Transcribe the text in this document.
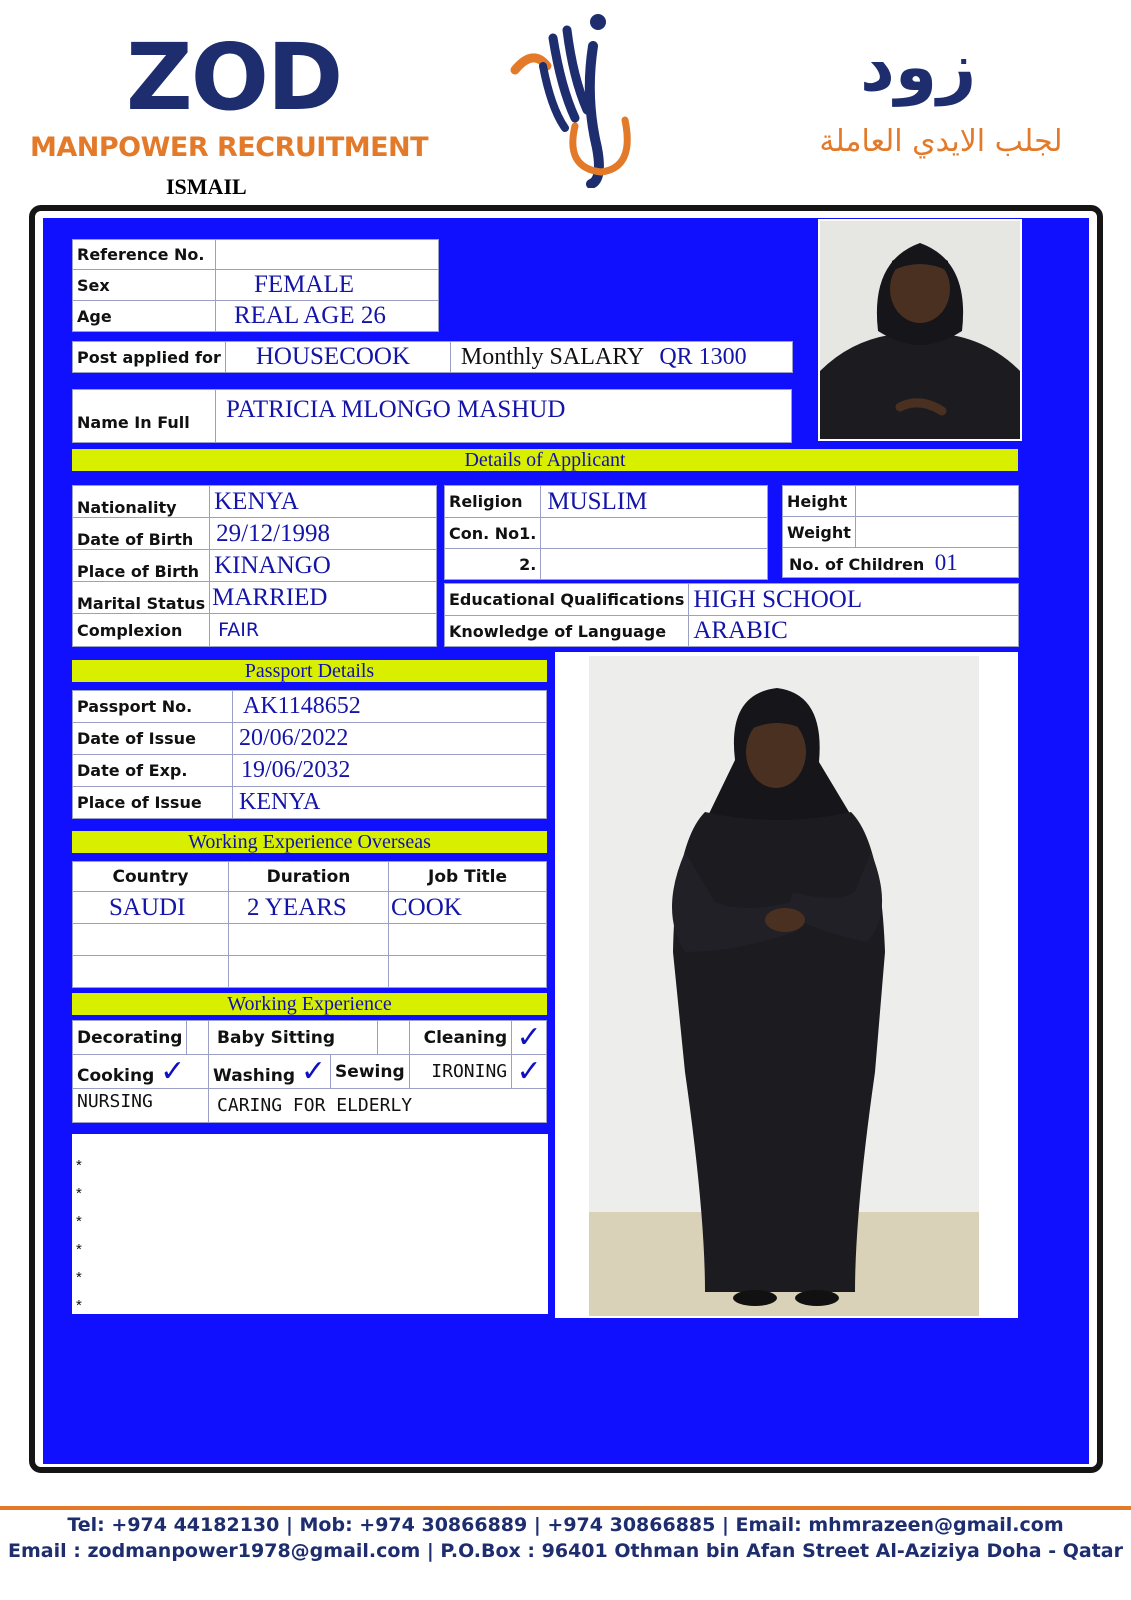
ZOD
MANPOWER RECRUITMENT
ISMAIL
زود
لجلب الايدي العاملة
Reference No.	
Sex	FEMALE
Age	REAL AGE 26
Post applied for	HOUSECOOK	Monthly SALARY QR 1300
Name In Full	PATRICIA MLONGO MASHUD
Details of Applicant
Nationality	KENYA
Date of Birth	29/12/1998
Place of Birth	KINANGO
Marital Status	MARRIED
Complexion	FAIR
Religion	MUSLIM
Con. No1.	
2.	
Height	
Weight	
No. of Children 01	
Educational Qualifications	HIGH SCHOOL
Knowledge of Language	ARABIC
Passport Details
Passport No.	AK1148652
Date of Issue	20/06/2022
Date of Exp.	19/06/2032
Place of Issue	KENYA
Working Experience Overseas
Country	Duration	Job Title
SAUDI	2 YEARS	COOK

Working Experience
Decorating		Baby Sitting			Cleaning	✓
Cooking ✓		Washing ✓	Sewing		IRONING	✓
NURSING		CARING FOR ELDERLY				
*
*
*
*
*
*
Tel: +974 44182130 | Mob: +974 30866889 | +974 30866885 | Email: mhmrazeen@gmail.com
Email : zodmanpower1978@gmail.com | P.O.Box : 96401 Othman bin Afan Street Al-Aziziya Doha - Qatar
